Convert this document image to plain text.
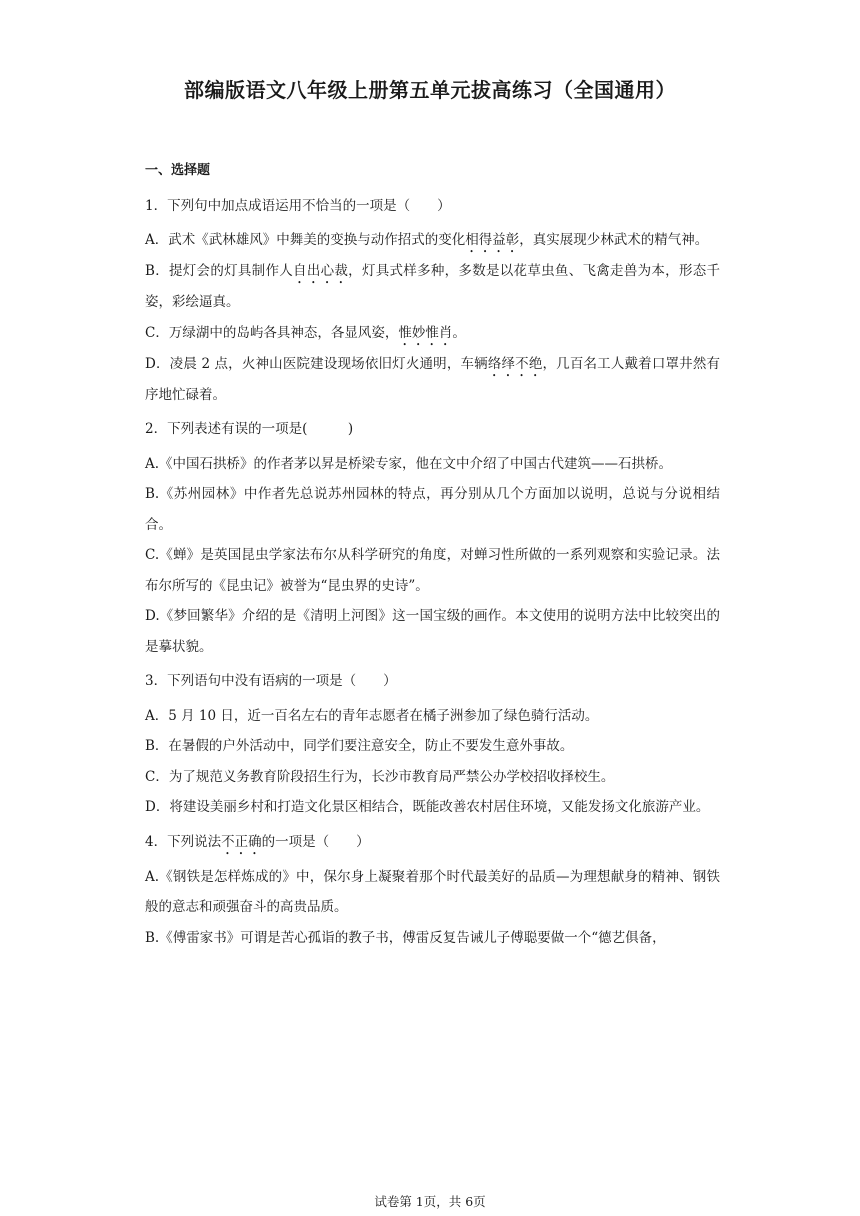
部编版语文八年级上册第五单元拔高练习（全国通用）
一、选择题
1．下列句中加点成语运用不恰当的一项是（　　）

A．武术《武林雄风》中舞美的变换与动作招式的变化相得益彰，真实展现少林武术的精气神。

B．提灯会的灯具制作人自出心裁，灯具式样多种，多数是以花草虫鱼、飞禽走兽为本，形态千姿，彩绘逼真。

C．万绿湖中的岛屿各具神态，各显风姿，惟妙惟肖。

D．凌晨 2 点，火神山医院建设现场依旧灯火通明，车辆络绎不绝，几百名工人戴着口罩井然有序地忙碌着。

2．下列表述有误的一项是(　　　)

A.《中国石拱桥》的作者茅以昇是桥梁专家，他在文中介绍了中国古代建筑——石拱桥。

B.《苏州园林》中作者先总说苏州园林的特点，再分别从几个方面加以说明，总说与分说相结合。

C.《蝉》是英国昆虫学家法布尔从科学研究的角度，对蝉习性所做的一系列观察和实验记录。法布尔所写的《昆虫记》被誉为“昆虫界的史诗”。

D.《梦回繁华》介绍的是《清明上河图》这一国宝级的画作。本文使用的说明方法中比较突出的是摹状貌。

3．下列语句中没有语病的一项是（　　）

A．5 月 10 日，近一百名左右的青年志愿者在橘子洲参加了绿色骑行活动。

B．在暑假的户外活动中，同学们要注意安全，防止不要发生意外事故。

C．为了规范义务教育阶段招生行为，长沙市教育局严禁公办学校招收择校生。

D．将建设美丽乡村和打造文化景区相结合，既能改善农村居住环境，又能发扬文化旅游产业。

4．下列说法不正确的一项是（　　）

A.《钢铁是怎样炼成的》中，保尔身上凝聚着那个时代最美好的品质—为理想献身的精神、钢铁般的意志和顽强奋斗的高贵品质。

B.《傅雷家书》可谓是苦心孤诣的教子书，傅雷反复告诫儿子傅聪要做一个“德艺俱备，

试卷第 1页，共 6页
